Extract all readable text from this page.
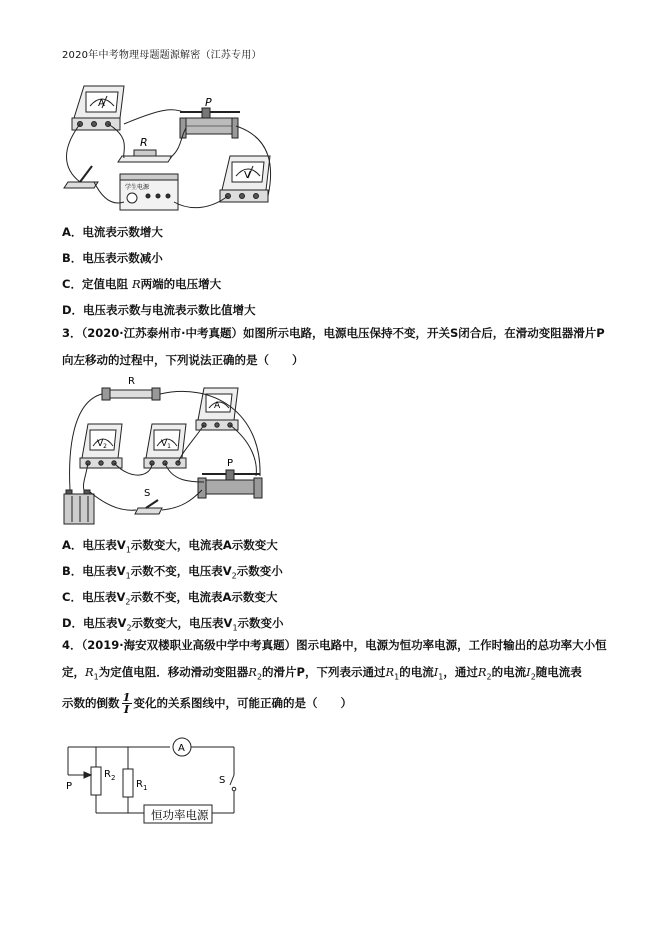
2020年中考物理母题题源解密（江苏专用）
A
R
P
V
学生电源
A．电流表示数增大
B．电压表示数减小
C．定值电阻 R两端的电压增大
D．电压表示数与电流表示数比值增大
3．（2020·江苏泰州市·中考真题）如图所示电路，电源电压保持不变，开关S闭合后，在滑动变阻器滑片P
向左移动的过程中，下列说法正确的是（　　）
R
A
$V_2$	$V_1$
P
S
A．电压表$V_1$示数变大，电流表A示数变大
B．电压表$V_1$示数不变，电压表$V_2$示数变小
C．电压表$V_2$示数不变，电流表A示数变大
D．电压表$V_2$示数变大，电压表$V_1$示数变小
4．（2019·海安双楼职业高级中学中考真题）图示电路中，电源为恒功率电源，工作时输出的总功率大小恒
定，$R_1$为定值电阻．移动滑动变阻器$R_2$的滑片P，下列表示通过$R_1$的电流$I_1$，通过$R_2$的电流$I_2$随电流表
示数的倒数 $\frac{1}{I}$ 变化的关系图线中，可能正确的是（　　）
A
$R_2$
$R_1$
P
S
恒功率电源
